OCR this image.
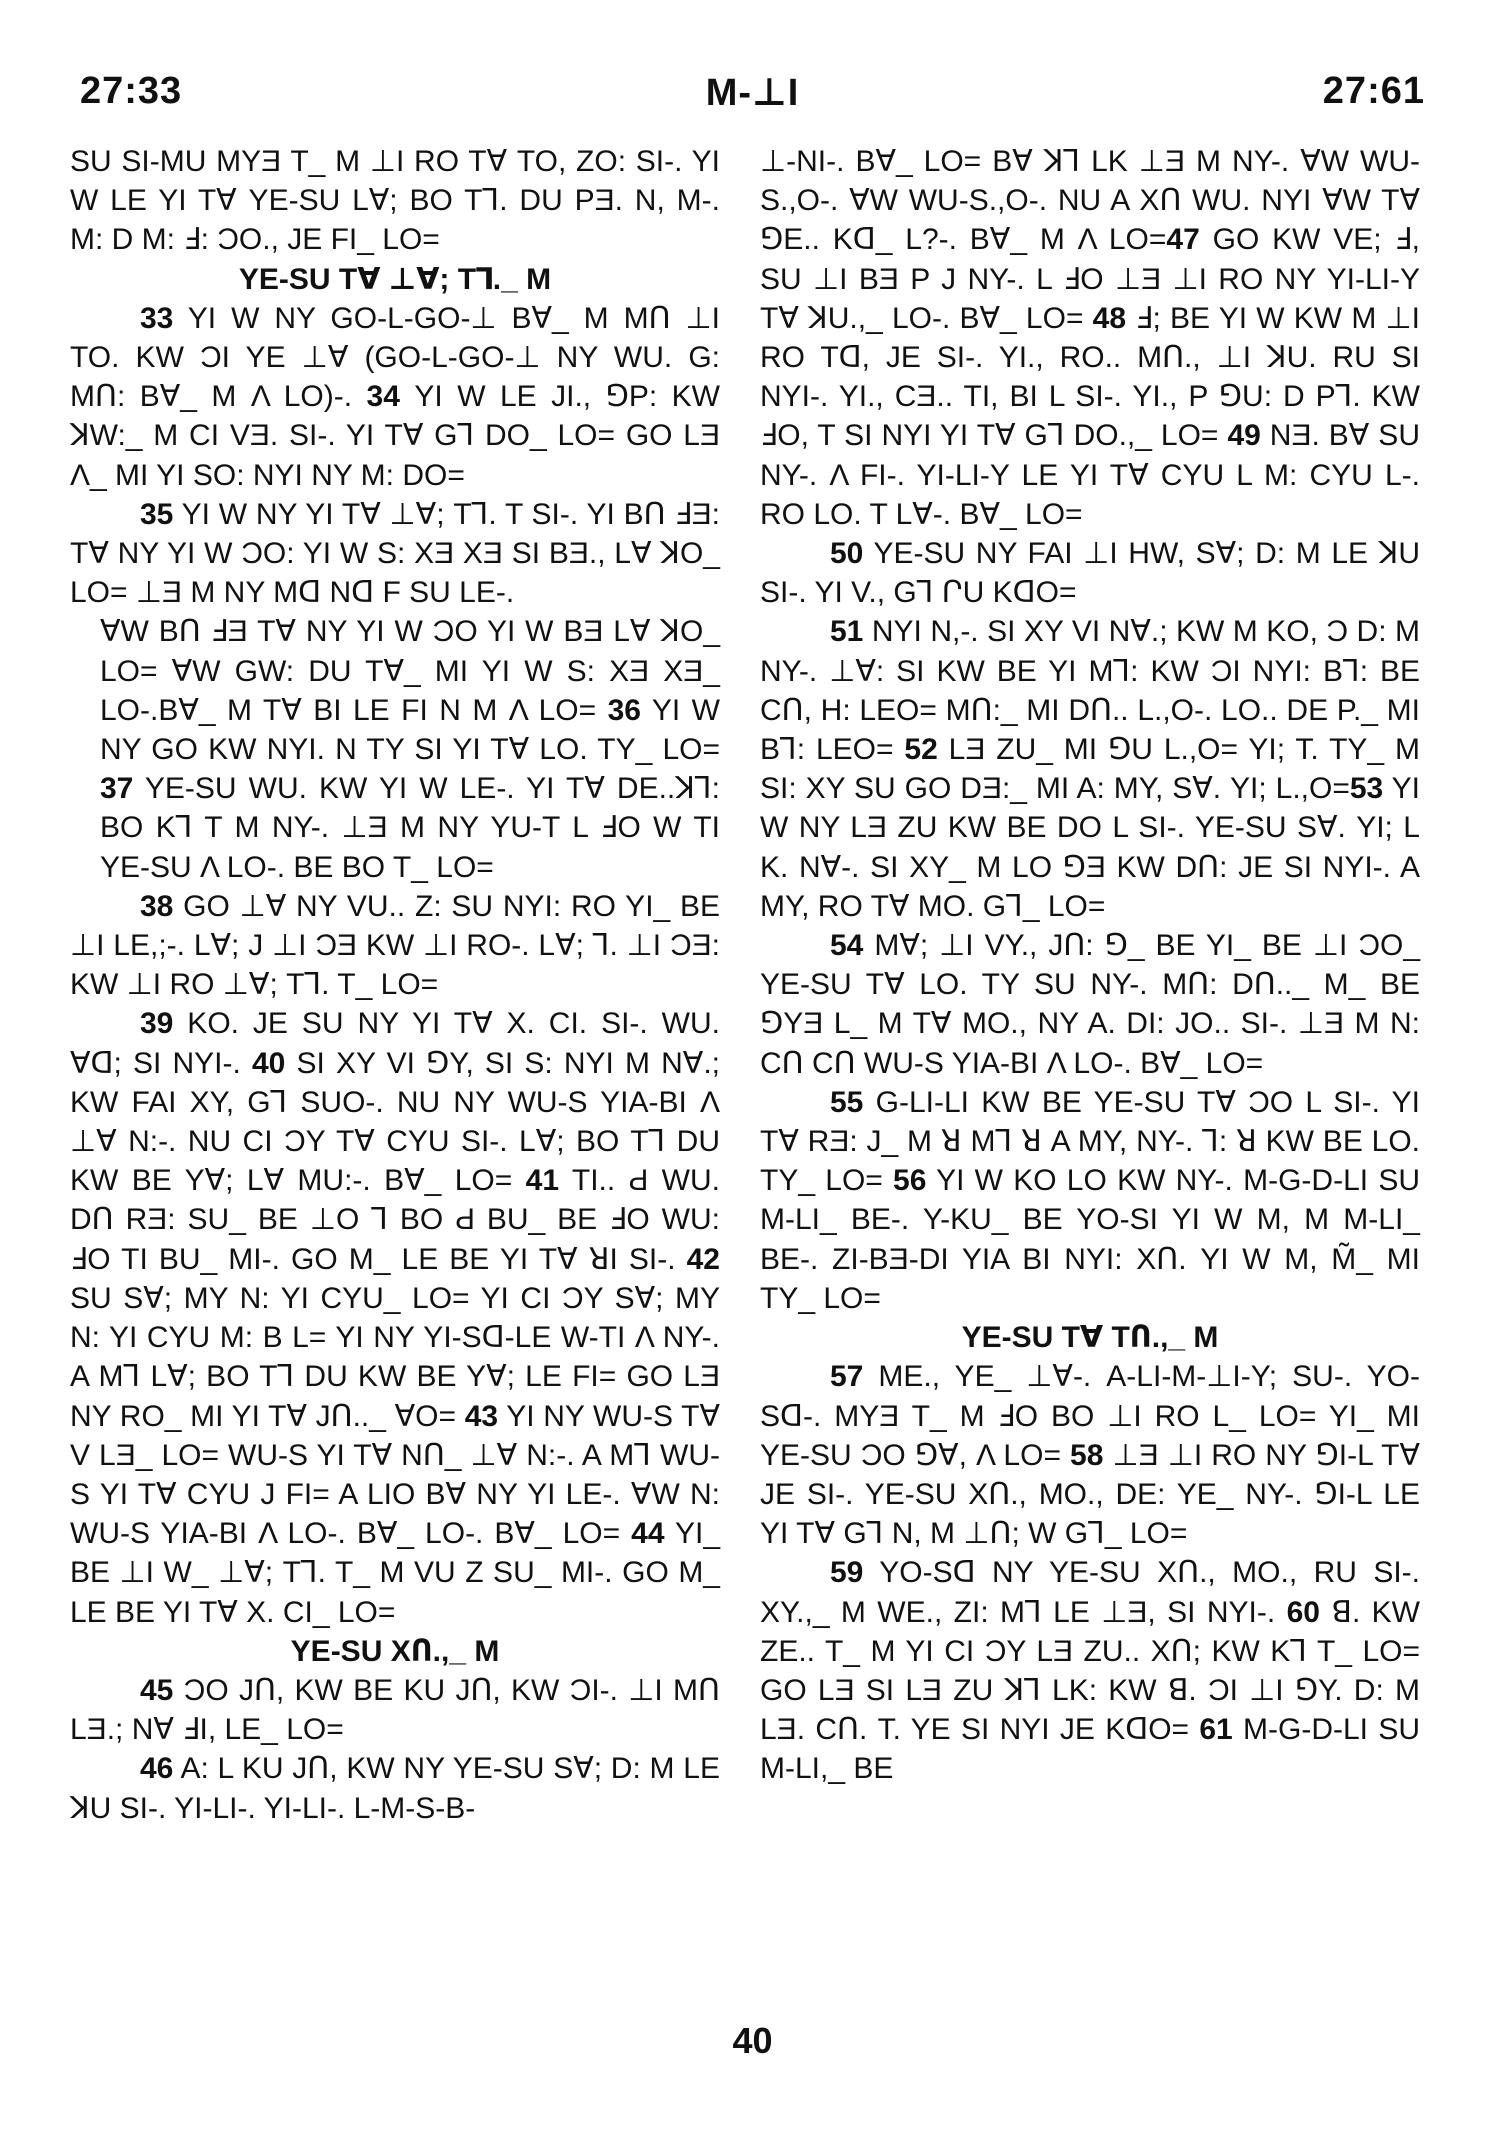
27:33	M-⊥I	27:61

SU SI-MU MYƎ T_ M ⊥I RO Tꓯ TO, ZO: SI-. YI W LE YI Tꓯ YE-SU Lꓯ; BO T⅂. DU PƎ. N, M-. M: D M: Ⅎ: ƆO., JE FI_ LO=

YE-SU Tꓯ ⊥ꓯ; T⅂._ M

33 YI W NY GO-L-GO-⊥ Bꓯ_ M MՈ ⊥I TO. KW ƆI YE ⊥ꓯ (GO-L-GO-⊥ NY WU. G: MՈ: Bꓯ_ M Λ LO)-. 34 YI W LE JI., ⅁P: KW ꓘW:_ M CI VƎ. SI-. YI Tꓯ G⅂ DO_ LO= GO LƎ Λ_ MI YI SO: NYI NY M: DO=

35 YI W NY YI Tꓯ ⊥ꓯ; T⅂. T SI-. YI BՈ ℲƎ: Tꓯ NY YI W ƆO: YI W S: XƎ XƎ SI BƎ., Lꓯ ꓘO_ LO= ⊥Ǝ M NY Mᗡ Nᗡ F SU LE-.

ꓯW BՈ ℲƎ Tꓯ NY YI W ƆO YI W BƎ Lꓯ ꓘO_ LO= ꓯW GW: DU Tꓯ_ MI YI W S: XƎ XƎ_ LO-.Bꓯ_ M Tꓯ BI LE FI N M Λ LO= 36 YI W NY GO KW NYI. N TY SI YI Tꓯ LO. TY_ LO= 37 YE-SU WU. KW YI W LE-. YI Tꓯ DE..ꓘ⅂: BO K⅂ T M NY-. ⊥Ǝ M NY YU-T L ℲO W TI YE-SU Λ LO-. BE BO T_ LO=

38 GO ⊥ꓯ NY VU.. Z: SU NYI: RO YI_ BE ⊥I LE,;-. Lꓯ; J ⊥I ƆƎ KW ⊥I RO-. Lꓯ; ⅂. ⊥I ƆƎ: KW ⊥I RO ⊥ꓯ; T⅂. T_ LO=

39 KO. JE SU NY YI Tꓯ X. CI. SI-. WU. ꓯᗡ; SI NYI-. 40 SI XY VI ⅁Y, SI S: NYI M Nꓯ.; KW FAI XY, G⅂ SUO-. NU NY WU-S YIA-BI Λ ⊥ꓯ N:-. NU CI ƆY Tꓯ CYU SI-. Lꓯ; BO T⅂ DU KW BE Yꓯ; Lꓯ MU:-. Bꓯ_ LO= 41 TI.. Ԁ WU. DՈ RƎ: SU_ BE ⊥O ⅂ BO Ԁ BU_ BE ℲO WU: ℲO TI BU_ MI-. GO M_ LE BE YI Tꓯ ꓤI SI-. 42 SU Sꓯ; MY N: YI CYU_ LO= YI CI ƆY Sꓯ; MY N: YI CYU M: B L= YI NY YI-Sᗡ-LE W-TI Λ NY-. A M⅂ Lꓯ; BO T⅂ DU KW BE Yꓯ; LE FI= GO LƎ NY RO_ MI YI Tꓯ JՈ.._ ꓯO= 43 YI NY WU-S Tꓯ V LƎ_ LO= WU-S YI Tꓯ NՈ_ ⊥ꓯ N:-. A M⅂ WU-S YI Tꓯ CYU J FI= A LIO Bꓯ NY YI LE-. ꓯW N: WU-S YIA-BI Λ LO-. Bꓯ_ LO-. Bꓯ_ LO= 44 YI_ BE ⊥I W_ ⊥ꓯ; T⅂. T_ M VU Z SU_ MI-. GO M_ LE BE YI Tꓯ X. CI_ LO=

YE-SU XՈ.,_ M

45 ƆO JՈ, KW BE KU JՈ, KW ƆI-. ⊥I MՈ LƎ.; Nꓯ ℲI, LE_ LO=

46 A: L KU JՈ, KW NY YE-SU Sꓯ; D: M LE ꓘU SI-. YI-LI-. YI-LI-. L-M-S-B-

⊥-NI-. Bꓯ_ LO= Bꓯ ꓘ⅂ LK ⊥Ǝ M NY-. ꓯW WU-S.,O-. ꓯW WU-S.,O-. NU A XՈ WU. NYI ꓯW Tꓯ ⅁E.. Kᗡ_ L?-. Bꓯ_ M Λ LO=47 GO KW VE; Ⅎ, SU ⊥I BƎ P J NY-. L ℲO ⊥Ǝ ⊥I RO NY YI-LI-Y Tꓯ ꓘU.,_ LO-. Bꓯ_ LO= 48 Ⅎ; BE YI W KW M ⊥I RO Tᗡ, JE SI-. YI., RO.. MՈ., ⊥I ꓘU. RU SI NYI-. YI., CƎ.. TI, BI L SI-. YI., P ⅁U: D P⅂. KW ℲO, T SI NYI YI Tꓯ G⅂ DO.,_ LO= 49 NƎ. Bꓯ SU NY-. Λ FI-. YI-LI-Y LE YI Tꓯ CYU L M: CYU L-. RO LO. T Lꓯ-. Bꓯ_ LO=

50 YE-SU NY FAI ⊥I HW, Sꓯ; D: M LE ꓘU SI-. YI V., G⅂ ՐU KᗡO=

51 NYI N,-. SI XY VI Nꓯ.; KW M KO, Ɔ D: M NY-. ⊥ꓯ: SI KW BE YI M⅂: KW ƆI NYI: B⅂: BE CՈ, H: LEO= MՈ:_ MI DՈ.. L.,O-. LO.. DE P._ MI B⅂: LEO= 52 LƎ ZU_ MI ⅁U L.,O= YI; T. TY_ M SI: XY SU GO DƎ:_ MI A: MY, Sꓯ. YI; L.,O=53 YI W NY LƎ ZU KW BE DO L SI-. YE-SU Sꓯ. YI; L K. Nꓯ-. SI XY_ M LO ⅁Ǝ KW DՈ: JE SI NYI-. A MY, RO Tꓯ MO. G⅂_ LO=

54 Mꓯ; ⊥I VY., JՈ: ⅁_ BE YI_ BE ⊥I ƆO_ YE-SU Tꓯ LO. TY SU NY-. MՈ: DՈ.._ M_ BE ⅁YƎ L_ M Tꓯ MO., NY A. DI: JO.. SI-. ⊥Ǝ M N: CՈ CՈ WU-S YIA-BI Λ LO-. Bꓯ_ LO=

55 G-LI-LI KW BE YE-SU Tꓯ ƆO L SI-. YI Tꓯ RƎ: J_ M ꓤ M⅂ ꓤ A MY, NY-. ⅂: ꓤ KW BE LO. TY_ LO= 56 YI W KO LO KW NY-. M-G-D-LI SU M-LI_ BE-. Y-KU_ BE YO-SI YI W M, M M-LI_ BE-. ZI-BƎ-DI YIA BI NYI: XՈ. YI W M, M̃_ MI TY_ LO=

YE-SU Tꓯ TՈ.,_ M

57 ME., YE_ ⊥ꓯ-. A-LI-M-⊥I-Y; SU-. YO-Sᗡ-. MYƎ T_ M ℲO BO ⊥I RO L_ LO= YI_ MI YE-SU ƆO ⅁ꓯ, Λ LO= 58 ⊥Ǝ ⊥I RO NY ⅁I-L Tꓯ JE SI-. YE-SU XՈ., MO., DE: YE_ NY-. ⅁I-L LE YI Tꓯ G⅂ N, M ⊥Ո; W G⅂_ LO=

59 YO-Sᗡ NY YE-SU XՈ., MO., RU SI-. XY.,_ M WE., ZI: M⅂ LE ⊥Ǝ, SI NYI-. 60 ꓭ. KW ZE.. T_ M YI CI ƆY LƎ ZU.. XՈ; KW K⅂ T_ LO= GO LƎ SI LƎ ZU ꓘ⅂ LK: KW ꓭ. ƆI ⊥I ⅁Y. D: M LƎ. CՈ. T. YE SI NYI JE KᗡO= 61 M-G-D-LI SU M-LI,_ BE

40
